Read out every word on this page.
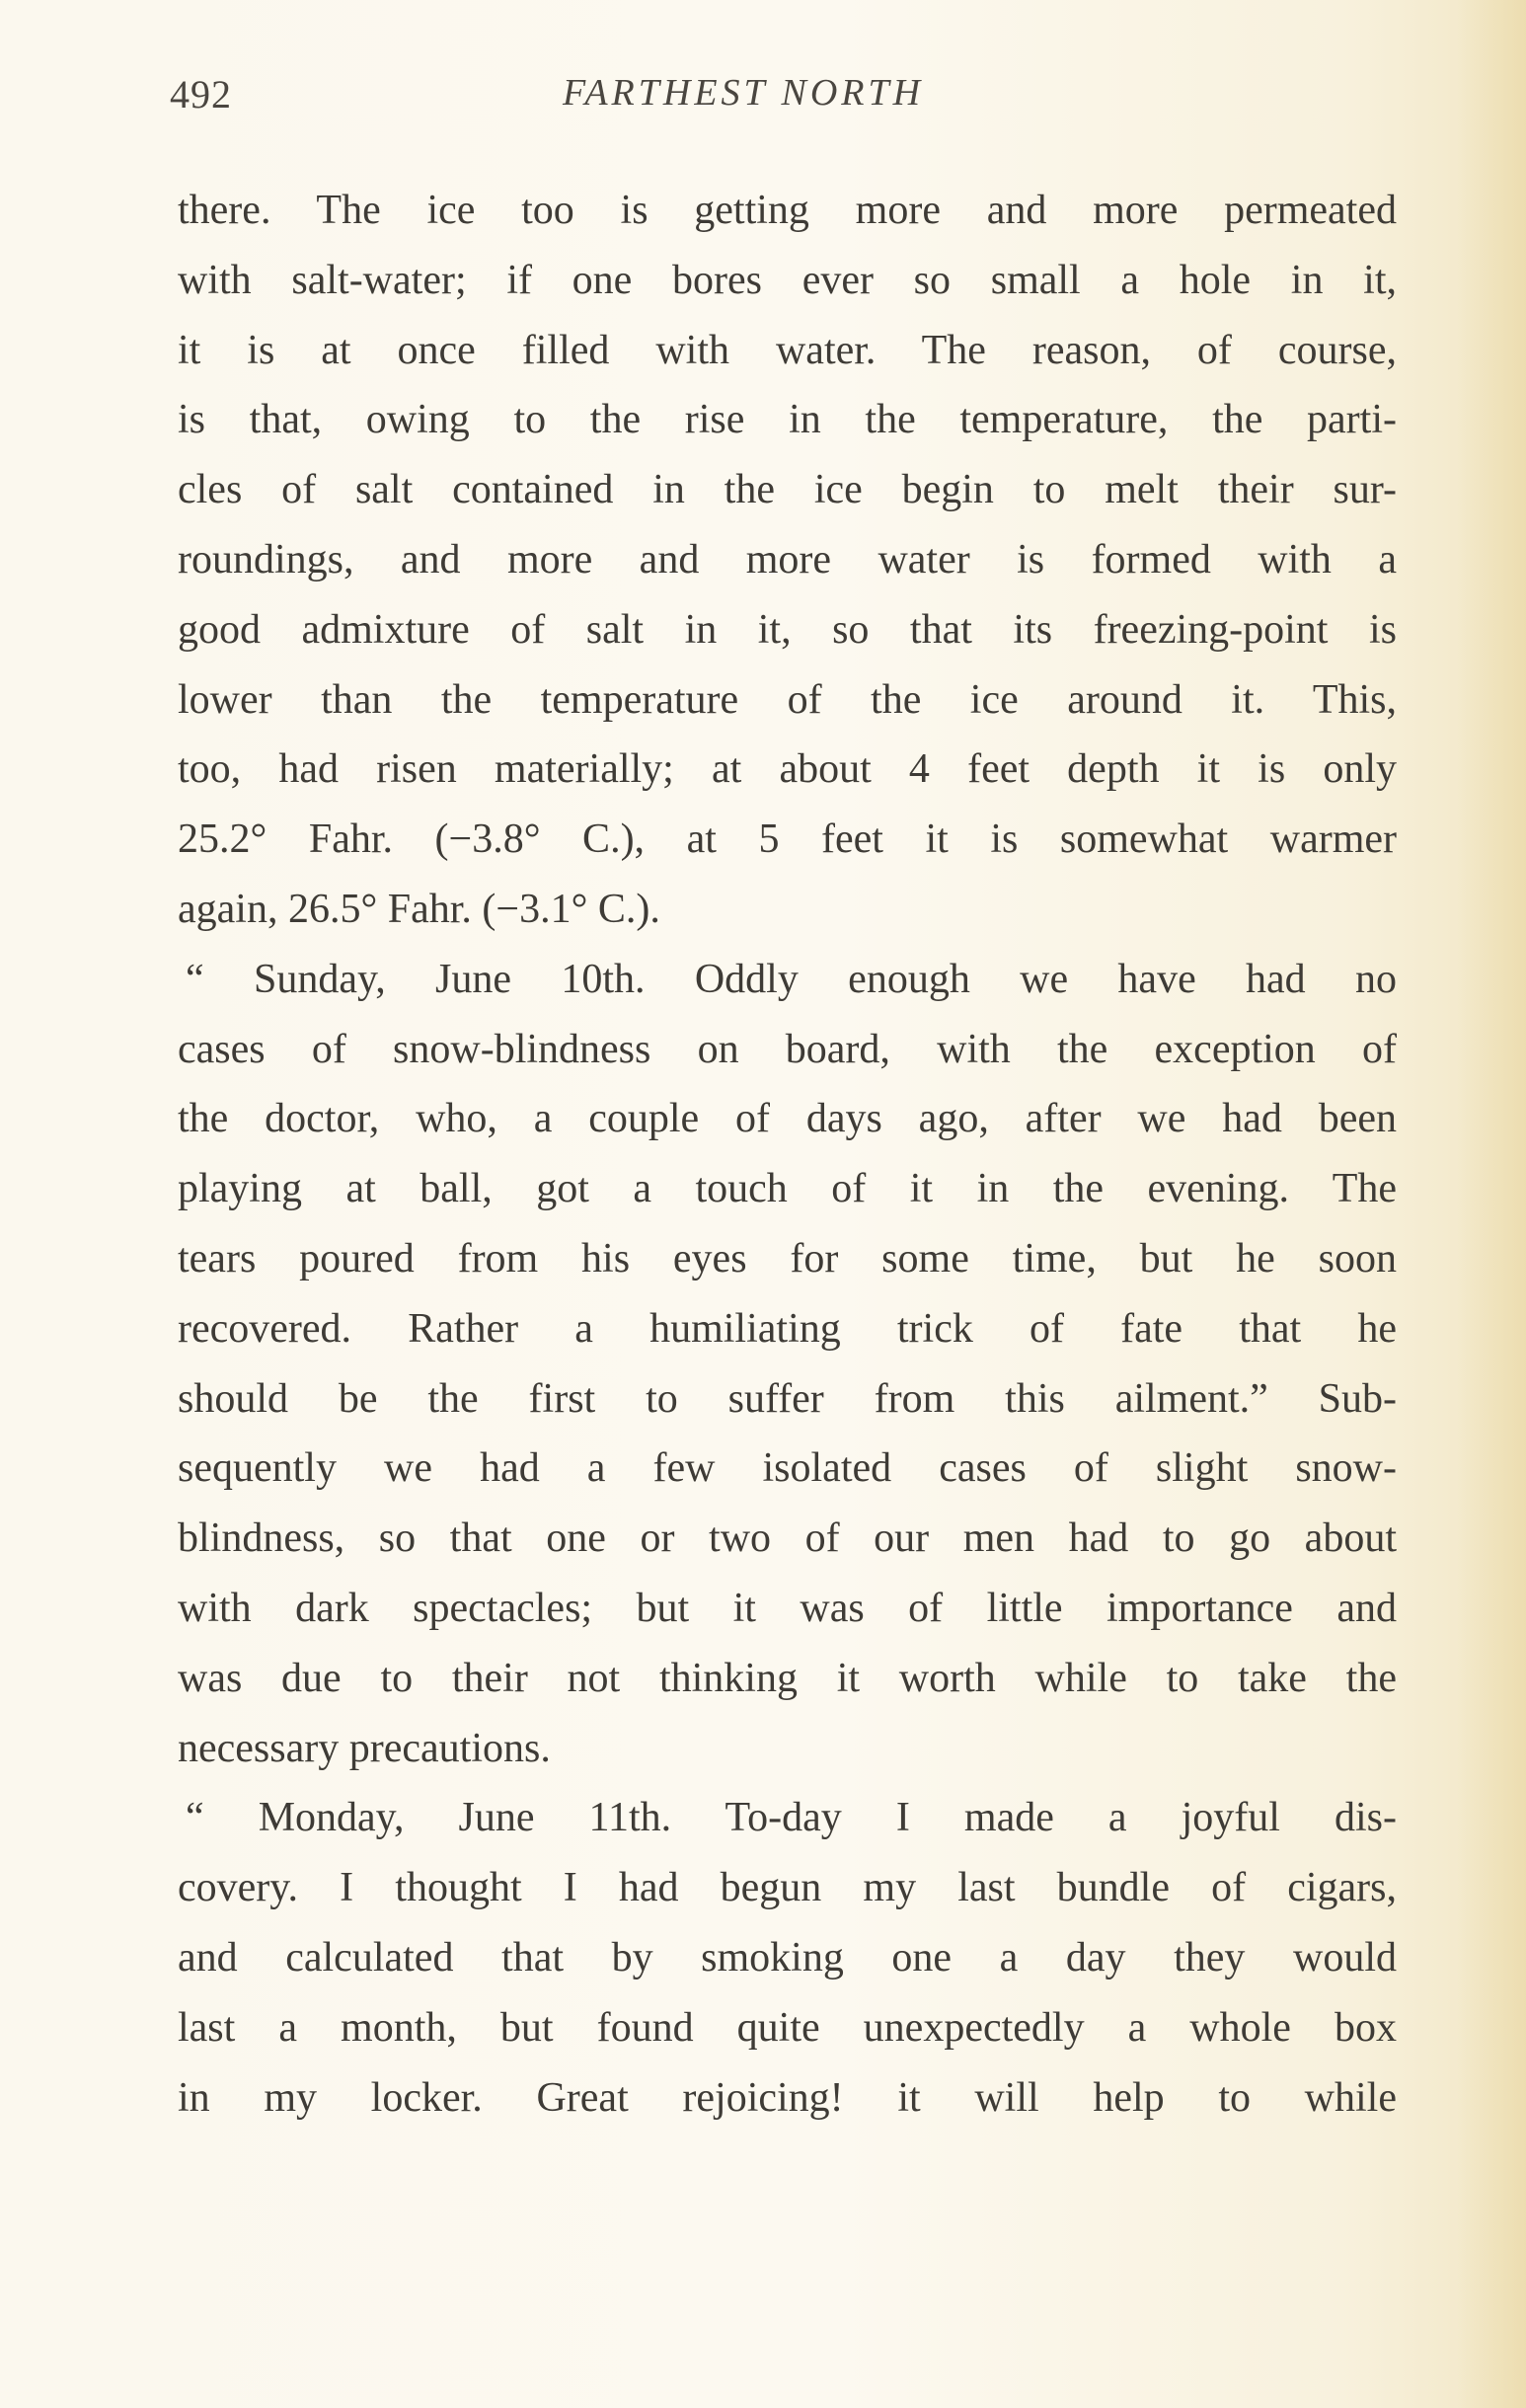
492	FARTHEST NORTH
there. The ice too is getting more and more permeated
with salt-water; if one bores ever so small a hole in it,
it is at once filled with water. The reason, of course,
is that, owing to the rise in the temperature, the parti-
cles of salt contained in the ice begin to melt their sur-
roundings, and more and more water is formed with a
good admixture of salt in it, so that its freezing-point is
lower than the temperature of the ice around it. This,
too, had risen materially; at about 4 feet depth it is only
25.2° Fahr. (−3.8° C.), at 5 feet it is somewhat warmer
again, 26.5° Fahr. (−3.1° C.).
“ Sunday, June 10th. Oddly enough we have had no
cases of snow-blindness on board, with the exception of
the doctor, who, a couple of days ago, after we had been
playing at ball, got a touch of it in the evening. The
tears poured from his eyes for some time, but he soon
recovered. Rather a humiliating trick of fate that he
should be the first to suffer from this ailment.” Sub-
sequently we had a few isolated cases of slight snow-
blindness, so that one or two of our men had to go about
with dark spectacles; but it was of little importance and
was due to their not thinking it worth while to take the
necessary precautions.
“ Monday, June 11th. To-day I made a joyful dis-
covery. I thought I had begun my last bundle of cigars,
and calculated that by smoking one a day they would
last a month, but found quite unexpectedly a whole box
in my locker. Great rejoicing! it will help to while
